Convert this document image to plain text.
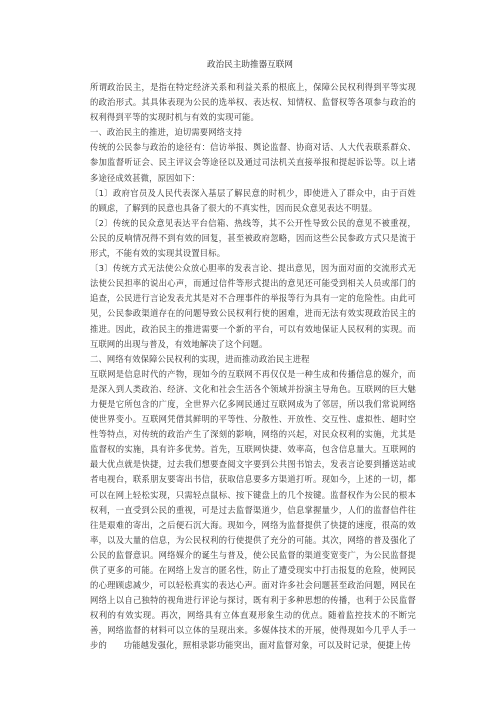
政治民主助推器互联网

所谓政治民主，是指在特定经济关系和利益关系的根底上，保障公民权利得到平等实现的政治形式。其具体表现为公民的选举权、表达权、知情权、监督权等各项参与政治的权利得到平等的实现时机与有效的实现可能。

一、政治民主的推进，迫切需要网络支持

传统的公民参与政治的途径有：信访举报、舆论监督、协商对话、人大代表联系群众、参加监督听证会、民主评议会等途径以及通过司法机关直接举报和提起诉讼等。以上诸多途径成效甚微，原因如下：

〔1〕政府官员及人民代表深入基层了解民意的时机少，即使进入了群众中，由于百姓的顾虑，了解到的民意也具备了很大的不真实性，因而民众意见表达不明显。

〔2〕传统的民众意见表达平台信箱、热线等，其不公开性导致公民的意见不被重视，公民的反响情况得不到有效的回复，甚至被政府忽略，因而这些公民参政方式只是流于形式，不能有效的实现其设置目标。

〔3〕传统方式无法使公众放心胆率的发表言论、提出意见，因为面对面的交流形式无法使公民担率的说出心声，而通过信件等形式提出的意见还可能受到相关人员或部门的追查，公民进行言论发表尤其是对不合理事件的举报等行为具有一定的危险性。由此可见，公民参政渠道存在的问题导致公民权利行使的困难，进而无法有效实现政治民主的推进。因此，政治民主的推进需要一个新的平台，可以有效地保证人民权利的实现。而互联网的出现与普及，有效地解决了这个问题。

二、网络有效保障公民权利的实现，进而推动政治民主进程

互联网是信息时代的产物，现如今的互联网不再仅仅是一种生成和传播信息的媒介，而是深入到人类政治、经济、文化和社会生活各个领域并扮演主导角色。互联网的巨大魅力便是它所包含的广度，全世界六亿多网民通过互联网成为了邻居，所以我们常说网络使世界变小。互联网凭借其鲜明的平等性、分散性、开放性、交互性、虚拟性、超时空性等特点，对传统的政治产生了深刻的影响，网络的兴起，对民众权利的实施，尤其是监督权的实施，具有许多优势。首先，互联网快捷、效率高，包含信息量大。互联网的最大优点就是快捷，过去我们想要查阅文字要到公共图书馆去，发表言论要到播送站或者电视台，联系朋友要寄出书信，获取信息要多方渠道打听。现如今，上述的一切，都可以在网上轻松实现，只需轻点鼠标、按下键盘上的几个按键。监督权作为公民的根本权利，一直受到公民的重视，可是过去监督渠道少，信息掌握量少，人们的监督信件往往是艰难的寄出，之后便石沉大海。现如今，网络为监督提供了快捷的速度，很高的效率，以及大量的信息，为公民权利的行使提供了充分的可能。其次，网络的普及强化了公民的监督意识。网络媒介的诞生与普及，使公民监督的渠道变宽变广，为公民监督提供了更多的可能。在网络上发言的匿名性，防止了遭受现实中打击报复的危险，使网民的心理顾虑减少，可以轻松真实的表达心声。面对许多社会问题甚至政治问题，网民在网络上以自己独特的视角进行评论与探讨，既有利于多种思想的传播，也利于公民监督权利的有效实现。再次，网络具有立体直观形象生动的优点。随着监控技术的不断完善，网络监督的材料可以立体的呈现出来。多媒体技术的开展，使得现如今几乎人手一步的　　功能越发强化，照相录影功能突出，面对监督对象，可以及时记录，便捷上传
